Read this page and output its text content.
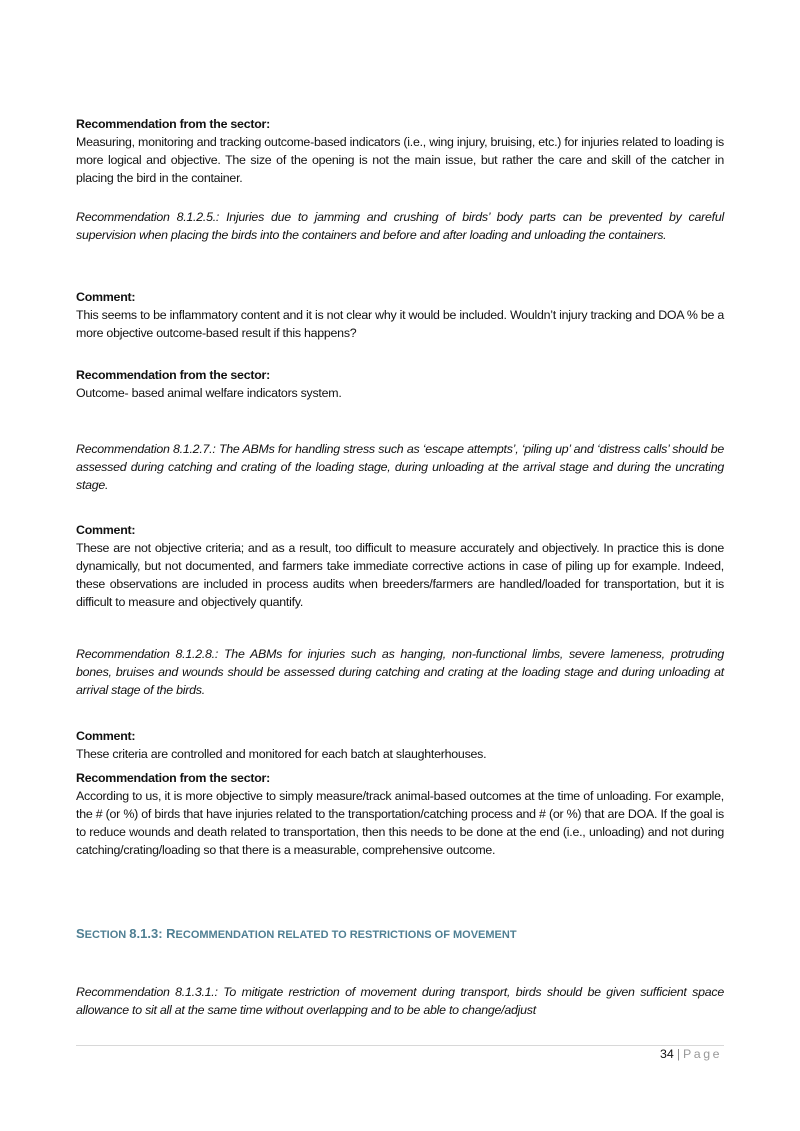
Recommendation from the sector:
Measuring, monitoring and tracking outcome-based indicators (i.e., wing injury, bruising, etc.) for injuries related to loading is more logical and objective. The size of the opening is not the main issue, but rather the care and skill of the catcher in placing the bird in the container.
Recommendation 8.1.2.5.: Injuries due to jamming and crushing of birds’ body parts can be prevented by careful supervision when placing the birds into the containers and before and after loading and unloading the containers.
Comment:
This seems to be inflammatory content and it is not clear why it would be included. Wouldn’t injury tracking and DOA % be a more objective outcome-based result if this happens?
Recommendation from the sector:
Outcome- based animal welfare indicators system.
Recommendation 8.1.2.7.: The ABMs for handling stress such as ‘escape attempts’, ‘piling up’ and ‘distress calls’ should be assessed during catching and crating of the loading stage, during unloading at the arrival stage and during the uncrating stage.
Comment:
These are not objective criteria; and as a result, too difficult to measure accurately and objectively. In practice this is done dynamically, but not documented, and farmers take immediate corrective actions in case of piling up for example. Indeed, these observations are included in process audits when breeders/farmers are handled/loaded for transportation, but it is difficult to measure and objectively quantify.
Recommendation 8.1.2.8.: The ABMs for injuries such as hanging, non-functional limbs, severe lameness, protruding bones, bruises and wounds should be assessed during catching and crating at the loading stage and during unloading at arrival stage of the birds.
Comment:
These criteria are controlled and monitored for each batch at slaughterhouses.
Recommendation from the sector:
According to us, it is more objective to simply measure/track animal-based outcomes at the time of unloading. For example, the # (or %) of birds that have injuries related to the transportation/catching process and # (or %) that are DOA. If the goal is to reduce wounds and death related to transportation, then this needs to be done at the end (i.e., unloading) and not during catching/crating/loading so that there is a measurable, comprehensive outcome.
SECTION 8.1.3: RECOMMENDATION RELATED TO RESTRICTIONS OF MOVEMENT
Recommendation 8.1.3.1.: To mitigate restriction of movement during transport, birds should be given sufficient space allowance to sit all at the same time without overlapping and to be able to change/adjust
34 | Page
